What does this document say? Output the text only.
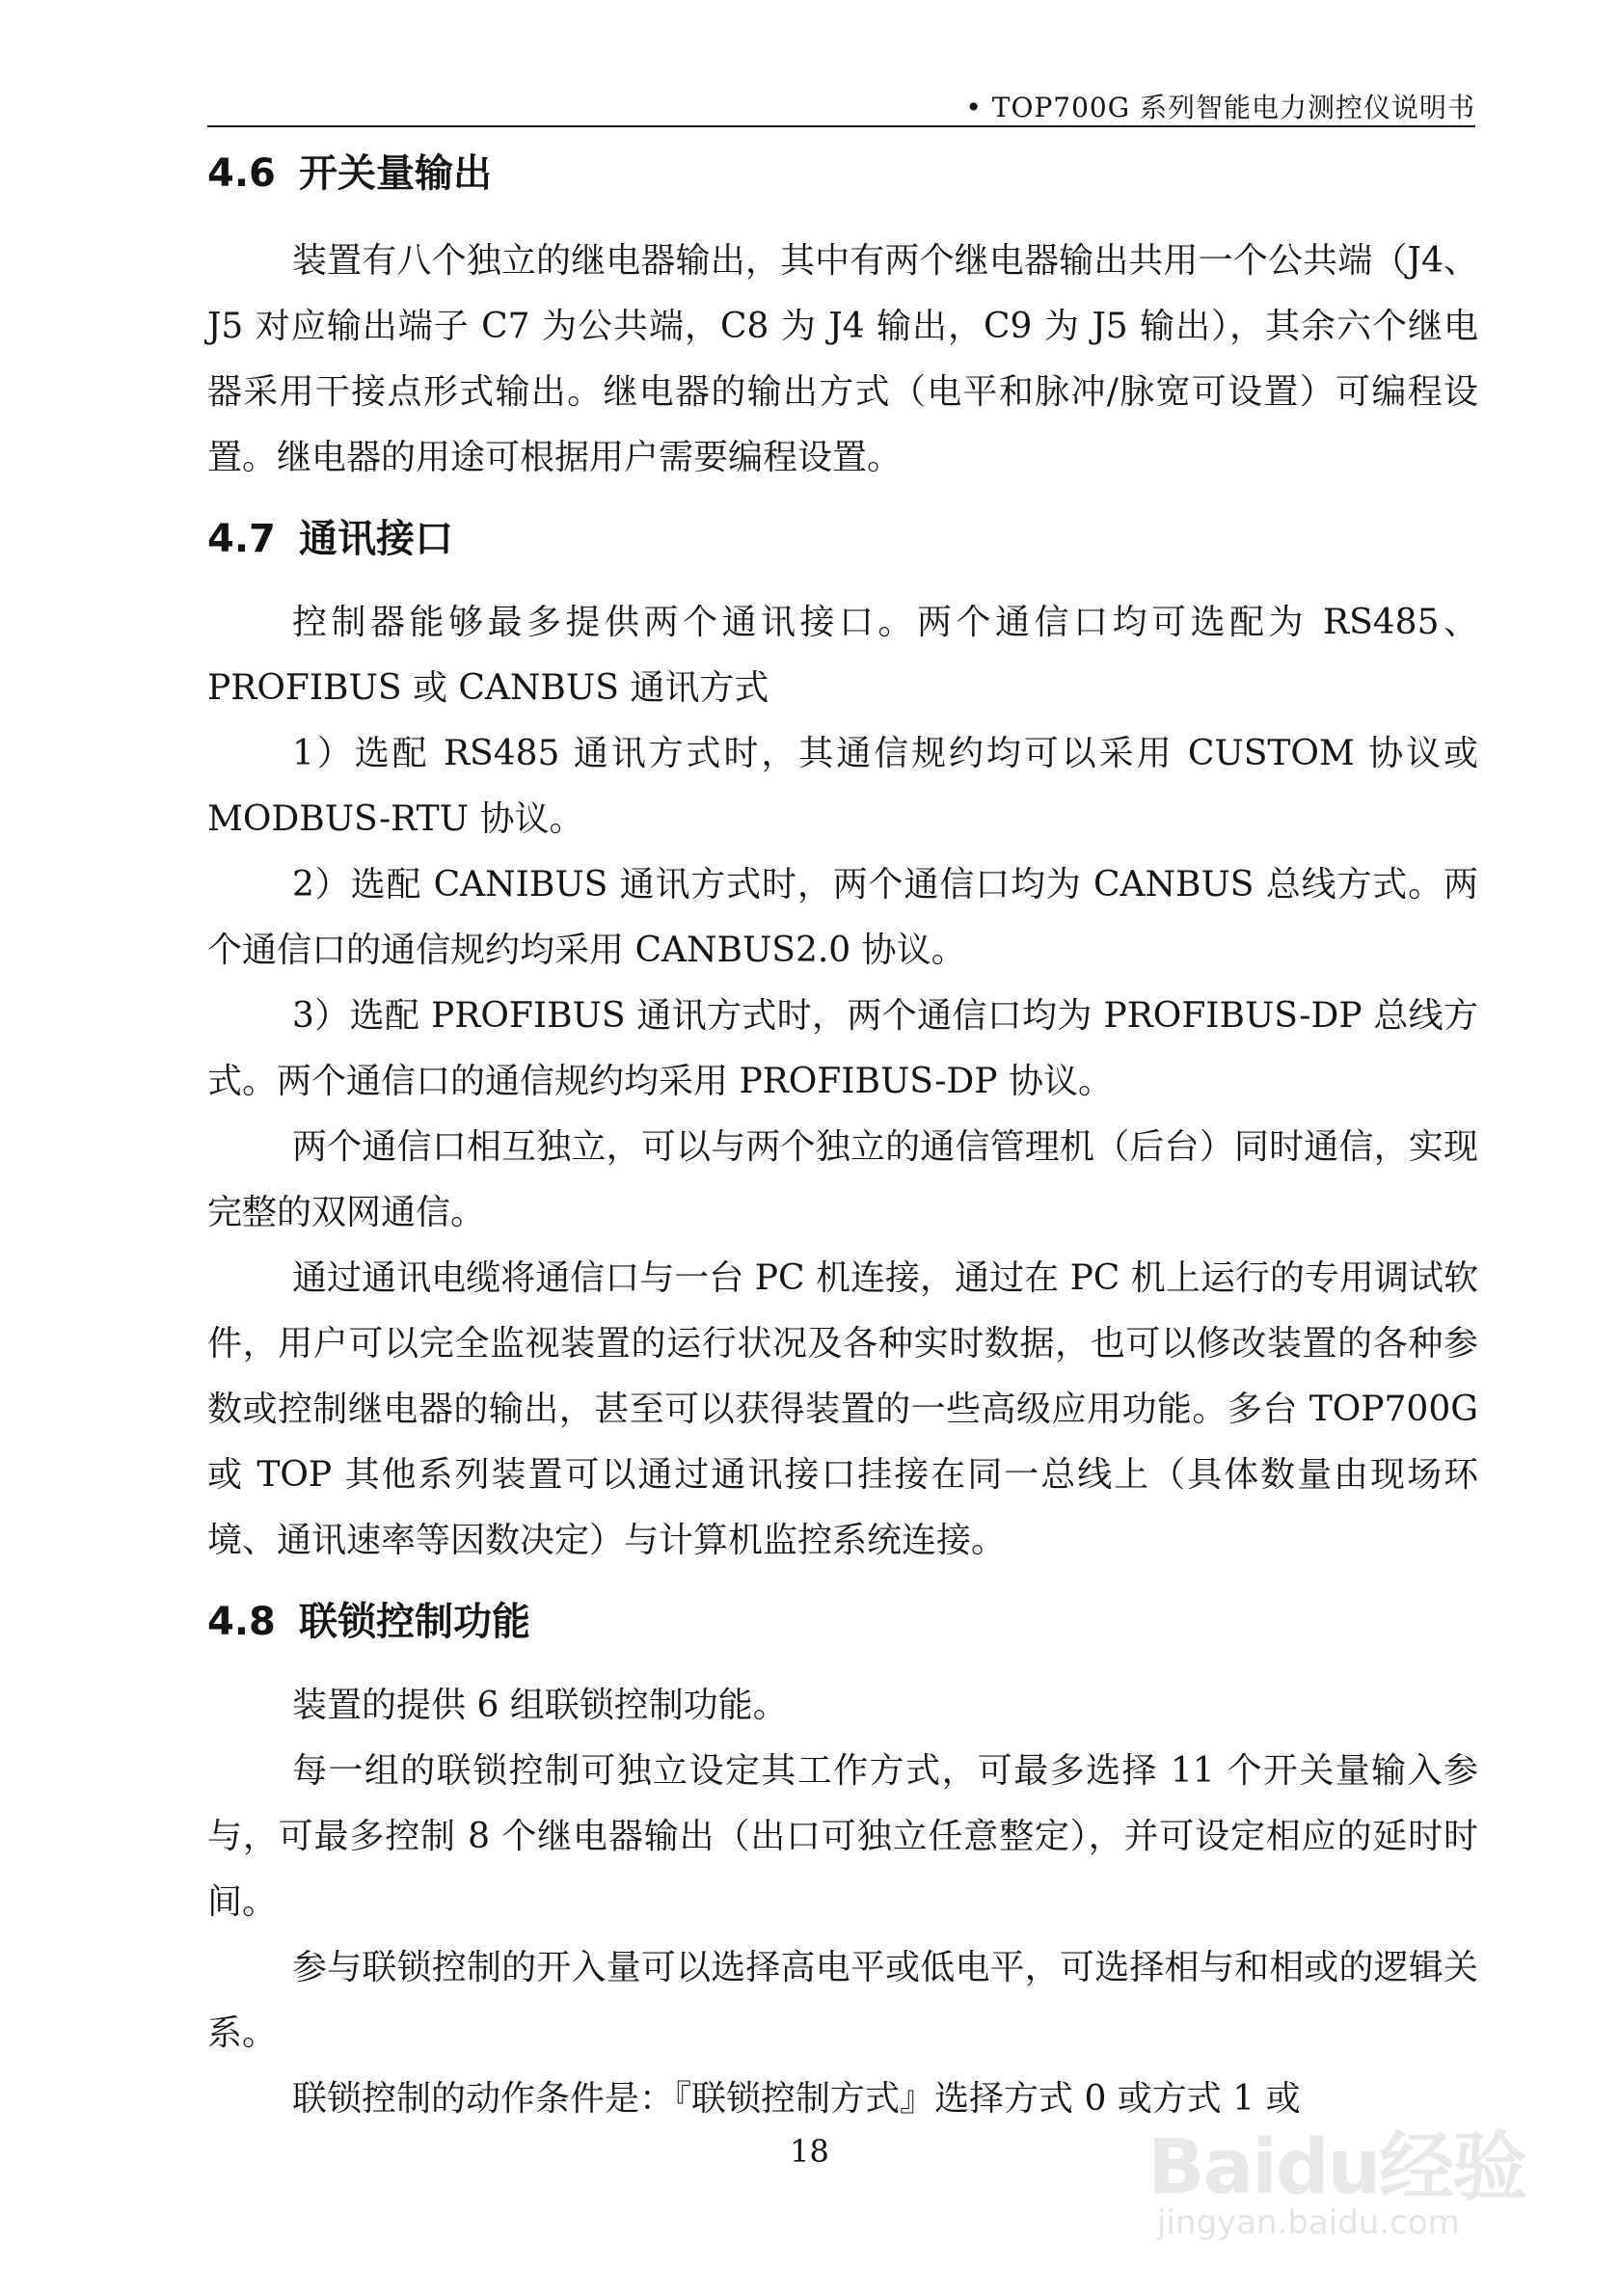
• TOP700G 系列智能电力测控仪说明书
4.6 开关量输出

装置有八个独立的继电器输出，其中有两个继电器输出共用一个公共端（J4、J5 对应输出端子 C7 为公共端，C8 为 J4 输出，C9 为 J5 输出），其余六个继电器采用干接点形式输出。继电器的输出方式（电平和脉冲/脉宽可设置）可编程设置。继电器的用途可根据用户需要编程设置。

4.7 通讯接口

控制器能够最多提供两个通讯接口。两个通信口均可选配为 RS485、PROFIBUS 或 CANBUS 通讯方式

1）选配 RS485 通讯方式时，其通信规约均可以采用 CUSTOM 协议或 MODBUS-RTU 协议。

2）选配 CANIBUS 通讯方式时，两个通信口均为 CANBUS 总线方式。两个通信口的通信规约均采用 CANBUS2.0 协议。

3）选配 PROFIBUS 通讯方式时，两个通信口均为 PROFIBUS-DP 总线方式。两个通信口的通信规约均采用 PROFIBUS-DP 协议。

两个通信口相互独立，可以与两个独立的通信管理机（后台）同时通信，实现完整的双网通信。

通过通讯电缆将通信口与一台 PC 机连接，通过在 PC 机上运行的专用调试软件，用户可以完全监视装置的运行状况及各种实时数据，也可以修改装置的各种参数或控制继电器的输出，甚至可以获得装置的一些高级应用功能。多台 TOP700G 或 TOP 其他系列装置可以通过通讯接口挂接在同一总线上（具体数量由现场环境、通讯速率等因数决定）与计算机监控系统连接。

4.8 联锁控制功能

装置的提供 6 组联锁控制功能。

每一组的联锁控制可独立设定其工作方式，可最多选择 11 个开关量输入参与，可最多控制 8 个继电器输出（出口可独立任意整定），并可设定相应的延时时间。

参与联锁控制的开入量可以选择高电平或低电平，可选择相与和相或的逻辑关系。

联锁控制的动作条件是：『联锁控制方式』选择方式 0 或方式 1 或

18	Baidu经验
jingyan.baidu.com
